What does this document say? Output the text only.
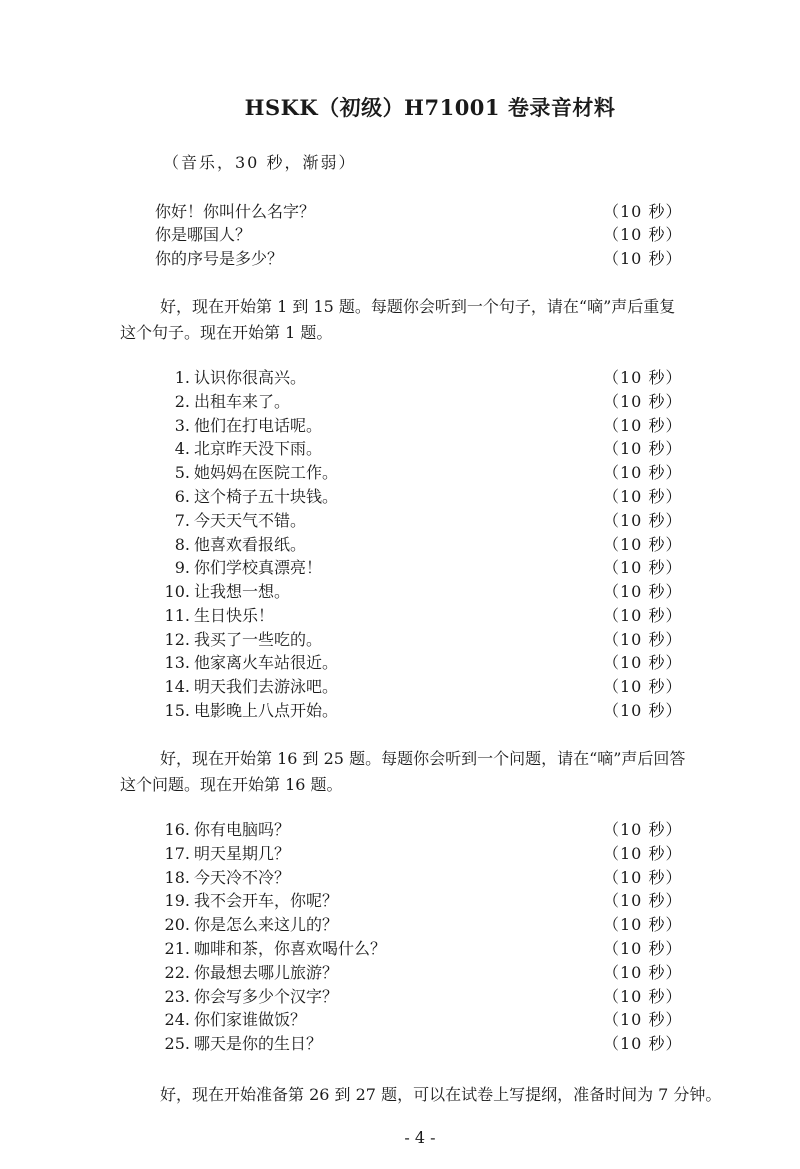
HSKK（初级）H71001 卷录音材料
（音乐，30 秒，渐弱）
你好！你叫什么名字？	（10 秒）
你是哪国人？	（10 秒）
你的序号是多少？	（10 秒）

好，现在开始第 1 到 15 题。每题你会听到一个句子，请在“嘀”声后重复
这个句子。现在开始第 1 题。

1. 认识你很高兴。	（10 秒）
2. 出租车来了。	（10 秒）
3. 他们在打电话呢。	（10 秒）
4. 北京昨天没下雨。	（10 秒）
5. 她妈妈在医院工作。	（10 秒）
6. 这个椅子五十块钱。	（10 秒）
7. 今天天气不错。	（10 秒）
8. 他喜欢看报纸。	（10 秒）
9. 你们学校真漂亮！	（10 秒）
10. 让我想一想。	（10 秒）
11. 生日快乐！	（10 秒）
12. 我买了一些吃的。	（10 秒）
13. 他家离火车站很近。	（10 秒）
14. 明天我们去游泳吧。	（10 秒）
15. 电影晚上八点开始。	（10 秒）

好，现在开始第 16 到 25 题。每题你会听到一个问题，请在“嘀”声后回答
这个问题。现在开始第 16 题。

16. 你有电脑吗？	（10 秒）
17. 明天星期几？	（10 秒）
18. 今天冷不冷？	（10 秒）
19. 我不会开车，你呢？	（10 秒）
20. 你是怎么来这儿的？	（10 秒）
21. 咖啡和茶，你喜欢喝什么？	（10 秒）
22. 你最想去哪儿旅游？	（10 秒）
23. 你会写多少个汉字？	（10 秒）
24. 你们家谁做饭？	（10 秒）
25. 哪天是你的生日？	（10 秒）

好，现在开始准备第 26 到 27 题，可以在试卷上写提纲，准备时间为 7 分钟。

- 4 -
